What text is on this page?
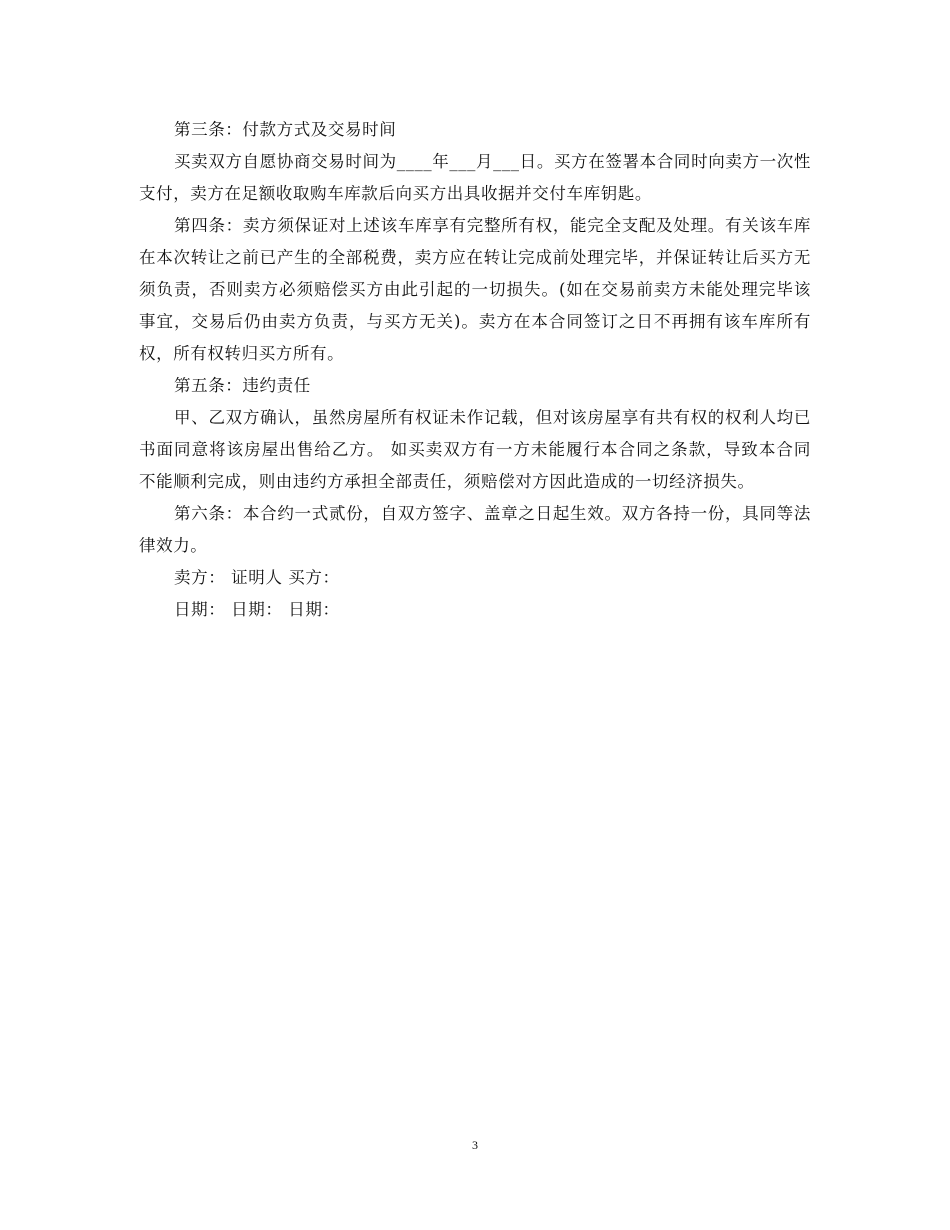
第三条：付款方式及交易时间

买卖双方自愿协商交易时间为____年___月___日。买方在签署本合同时向卖方一次性支付，卖方在足额收取购车库款后向买方出具收据并交付车库钥匙。

第四条：卖方须保证对上述该车库享有完整所有权，能完全支配及处理。有关该车库在本次转让之前已产生的全部税费，卖方应在转让完成前处理完毕，并保证转让后买方无须负责，否则卖方必须赔偿买方由此引起的一切损失。(如在交易前卖方未能处理完毕该事宜，交易后仍由卖方负责，与买方无关)。卖方在本合同签订之日不再拥有该车库所有权，所有权转归买方所有。

第五条：违约责任

甲、乙双方确认，虽然房屋所有权证未作记载，但对该房屋享有共有权的权利人均已书面同意将该房屋出售给乙方。 如买卖双方有一方未能履行本合同之条款，导致本合同不能顺利完成，则由违约方承担全部责任，须赔偿对方因此造成的一切经济损失。

第六条：本合约一式贰份，自双方签字、盖章之日起生效。双方各持一份，具同等法律效力。

卖方： 证明人 买方：

日期： 日期： 日期：

3
